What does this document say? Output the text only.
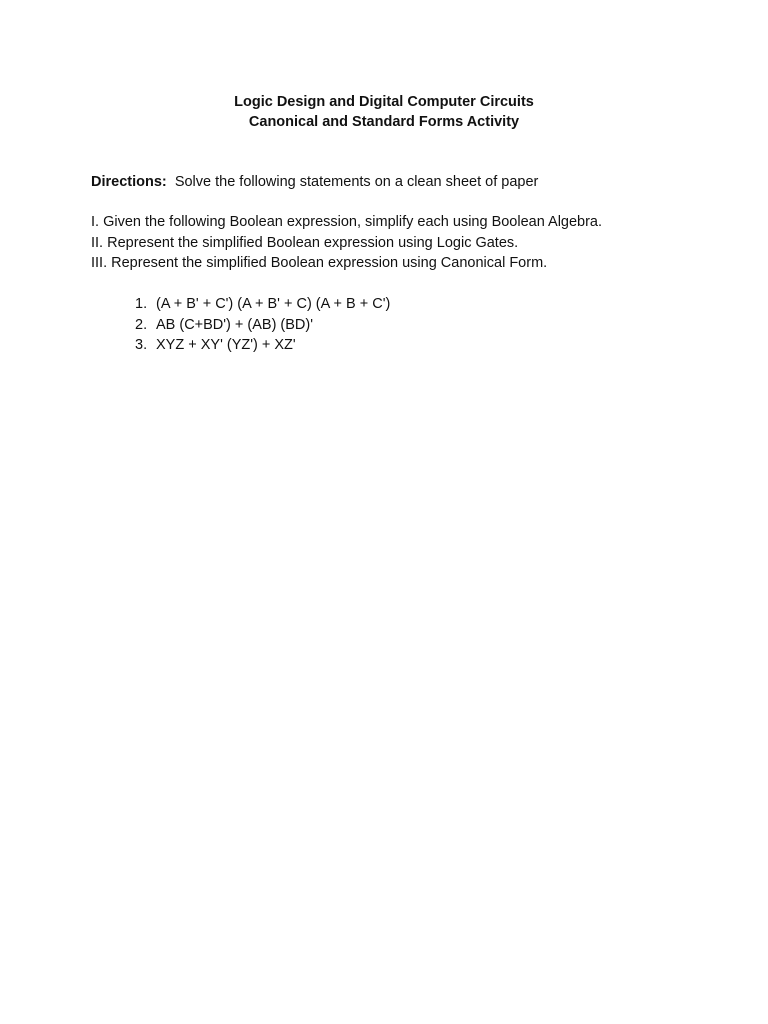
Logic Design and Digital Computer Circuits
Canonical and Standard Forms Activity
Directions: Solve the following statements on a clean sheet of paper
I. Given the following Boolean expression, simplify each using Boolean Algebra.
II. Represent the simplified Boolean expression using Logic Gates.
III. Represent the simplified Boolean expression using Canonical Form.
1. (A + B' + C') (A + B' + C) (A + B + C')
2. AB (C+BD') + (AB) (BD)'
3. XYZ + XY' (YZ') + XZ'
